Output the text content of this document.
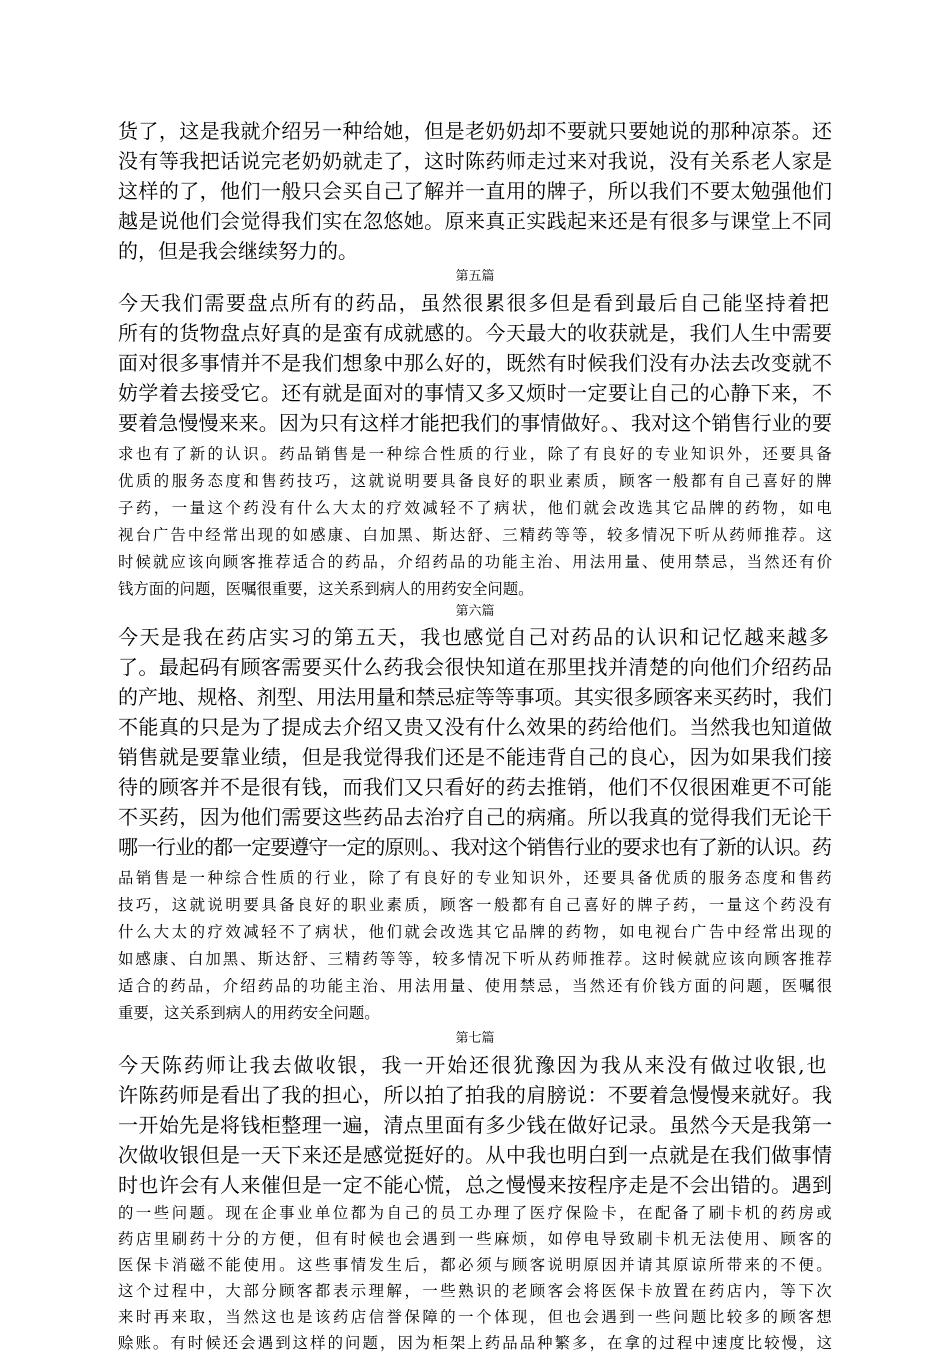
货了，这是我就介绍另一种给她，但是老奶奶却不要就只要她说的那种凉茶。还
没有等我把话说完老奶奶就走了，这时陈药师走过来对我说，没有关系老人家是
这样的了，他们一般只会买自己了解并一直用的牌子，所以我们不要太勉强他们
越是说他们会觉得我们实在忽悠她。原来真正实践起来还是有很多与课堂上不同
的，但是我会继续努力的。
第五篇
今天我们需要盘点所有的药品，虽然很累很多但是看到最后自己能坚持着把
所有的货物盘点好真的是蛮有成就感的。今天最大的收获就是，我们人生中需要
面对很多事情并不是我们想象中那么好的，既然有时候我们没有办法去改变就不
妨学着去接受它。还有就是面对的事情又多又烦时一定要让自己的心静下来，不
要着急慢慢来来。因为只有这样才能把我们的事情做好。、我对这个销售行业的要
求也有了新的认识。药品销售是一种综合性质的行业，除了有良好的专业知识外，还要具备
优质的服务态度和售药技巧，这就说明要具备良好的职业素质，顾客一般都有自己喜好的牌
子药，一量这个药没有什么大太的疗效减轻不了病状，他们就会改选其它品牌的药物，如电
视台广告中经常出现的如感康、白加黑、斯达舒、三精药等等，较多情况下听从药师推荐。这
时候就应该向顾客推荐适合的药品，介绍药品的功能主治、用法用量、使用禁忌，当然还有价
钱方面的问题，医嘱很重要，这关系到病人的用药安全问题。
第六篇
今天是我在药店实习的第五天，我也感觉自己对药品的认识和记忆越来越多
了。最起码有顾客需要买什么药我会很快知道在那里找并清楚的向他们介绍药品
的产地、规格、剂型、用法用量和禁忌症等等事项。其实很多顾客来买药时，我们
不能真的只是为了提成去介绍又贵又没有什么效果的药给他们。当然我也知道做
销售就是要靠业绩，但是我觉得我们还是不能违背自己的良心，因为如果我们接
待的顾客并不是很有钱，而我们又只看好的药去推销，他们不仅很困难更不可能
不买药，因为他们需要这些药品去治疗自己的病痛。所以我真的觉得我们无论干
哪一行业的都一定要遵守一定的原则。、我对这个销售行业的要求也有了新的认识。药
品销售是一种综合性质的行业，除了有良好的专业知识外，还要具备优质的服务态度和售药
技巧，这就说明要具备良好的职业素质，顾客一般都有自己喜好的牌子药，一量这个药没有
什么大太的疗效减轻不了病状，他们就会改选其它品牌的药物，如电视台广告中经常出现的
如感康、白加黑、斯达舒、三精药等等，较多情况下听从药师推荐。这时候就应该向顾客推荐
适合的药品，介绍药品的功能主治、用法用量、使用禁忌，当然还有价钱方面的问题，医嘱很
重要，这关系到病人的用药安全问题。
第七篇
今天陈药师让我去做收银，我一开始还很犹豫因为我从来没有做过收银,也
许陈药师是看出了我的担心，所以拍了拍我的肩膀说：不要着急慢慢来就好。我
一开始先是将钱柜整理一遍，清点里面有多少钱在做好记录。虽然今天是我第一
次做收银但是一天下来还是感觉挺好的。从中我也明白到一点就是在我们做事情
时也许会有人来催但是一定不能心慌，总之慢慢来按程序走是不会出错的。遇到
的一些问题。现在企事业单位都为自己的员工办理了医疗保险卡，在配备了刷卡机的药房或
药店里刷药十分的方便，但有时候也会遇到一些麻烦，如停电导致刷卡机无法使用、顾客的
医保卡消磁不能使用。这些事情发生后，都必须与顾客说明原因并请其原谅所带来的不便。
这个过程中，大部分顾客都表示理解，一些熟识的老顾客会将医保卡放置在药店内，等下次
来时再来取，当然这也是该药店信誉保障的一个体现，但也会遇到一些问题比较多的顾客想
赊账。有时候还会遇到这样的问题，因为柜架上药品品种繁多，在拿的过程中速度比较慢，这
